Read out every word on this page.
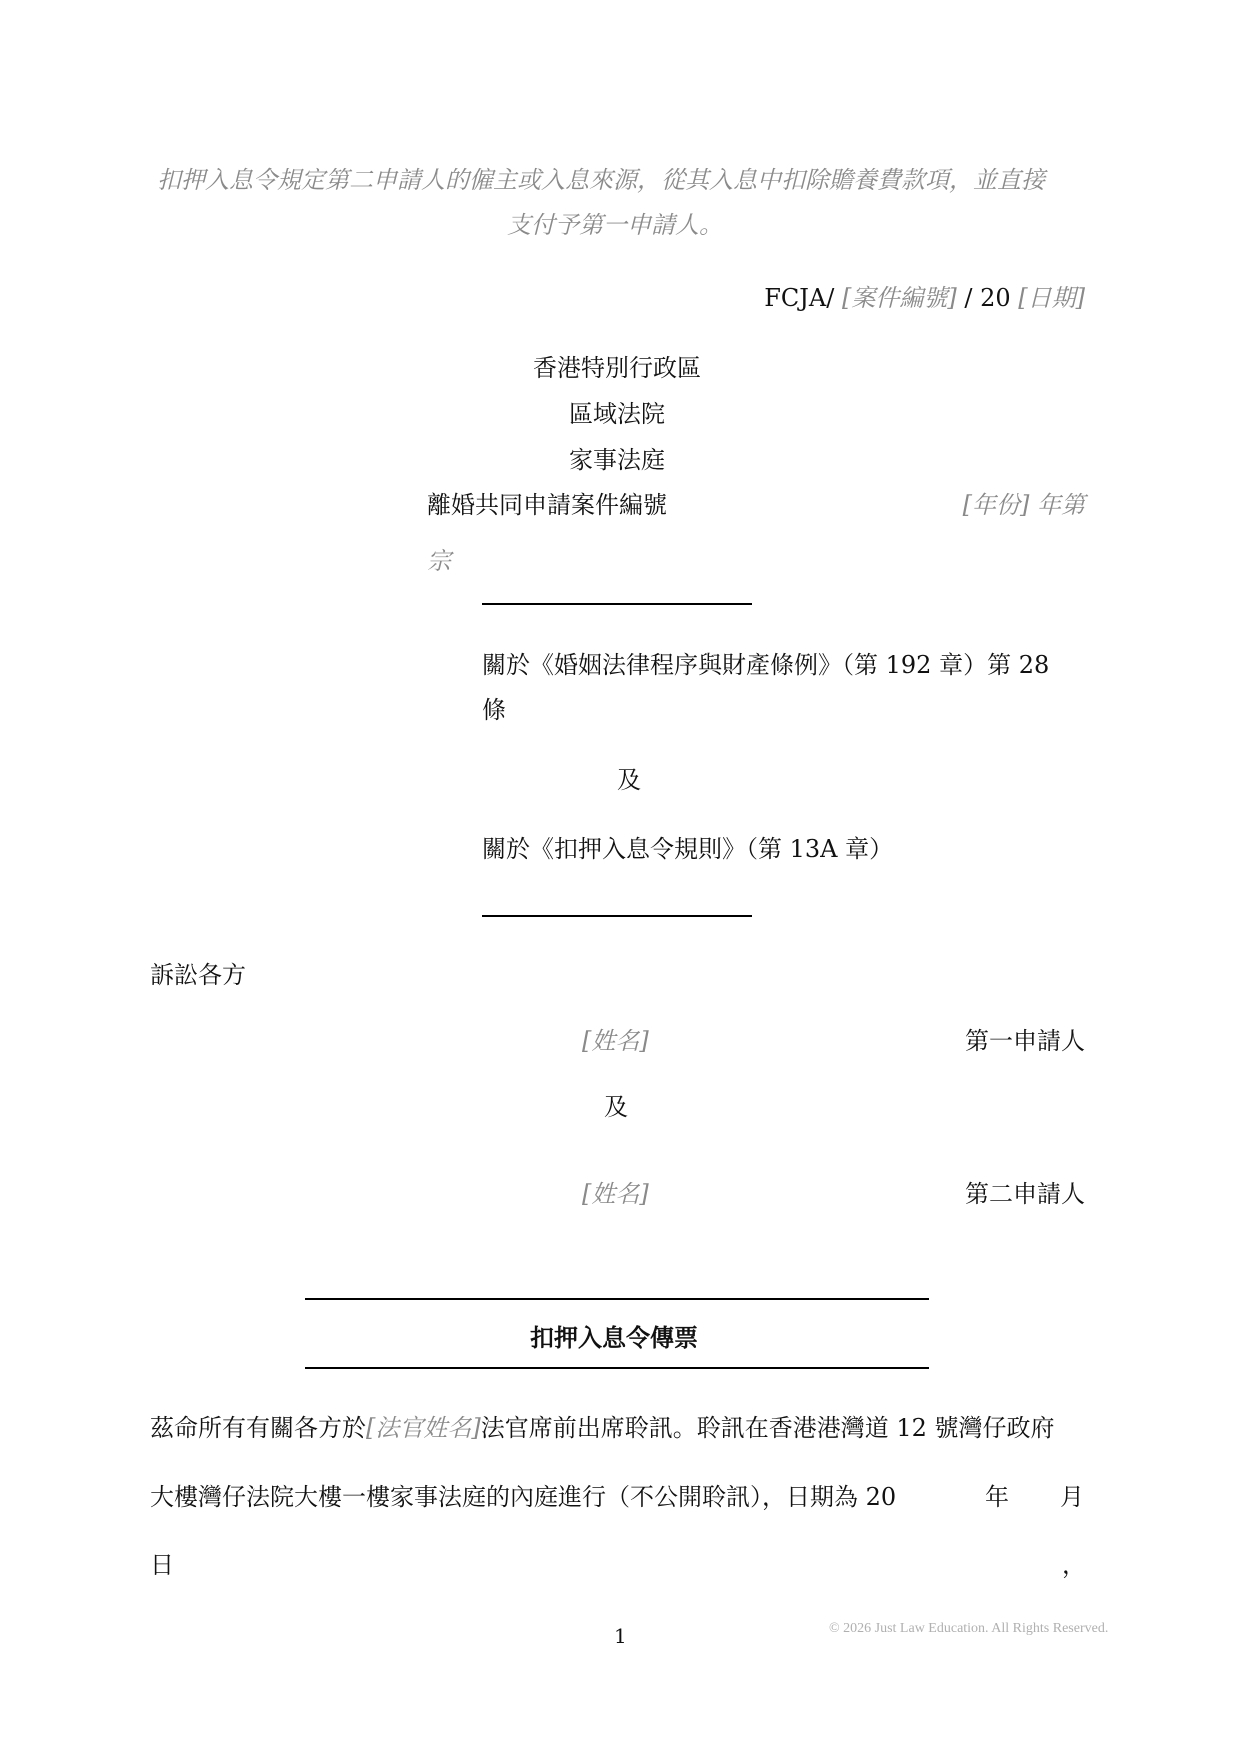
扣押入息令規定第二申請人的僱主或入息來源，從其入息中扣除贍養費款項，並直接
支付予第一申請人。
FCJA/ [案件編號] / 20 [日期]
香港特別行政區
區域法院
家事法庭
離婚共同申請案件編號	[年份] 年第
宗
關於《婚姻法律程序與財產條例》（第 192 章）第 28
條
及
關於《扣押入息令規則》（第 13A 章）
訴訟各方
[姓名]	第一申請人
及
[姓名]	第二申請人
扣押入息令傳票
茲命所有有關各方於[法官姓名]法官席前出席聆訊。聆訊在香港港灣道 12 號灣仔政府
大樓灣仔法院大樓一樓家事法庭的內庭進行（不公開聆訊），日期為 20	年 月
日	，
1	© 2026 Just Law Education. All Rights Reserved.
